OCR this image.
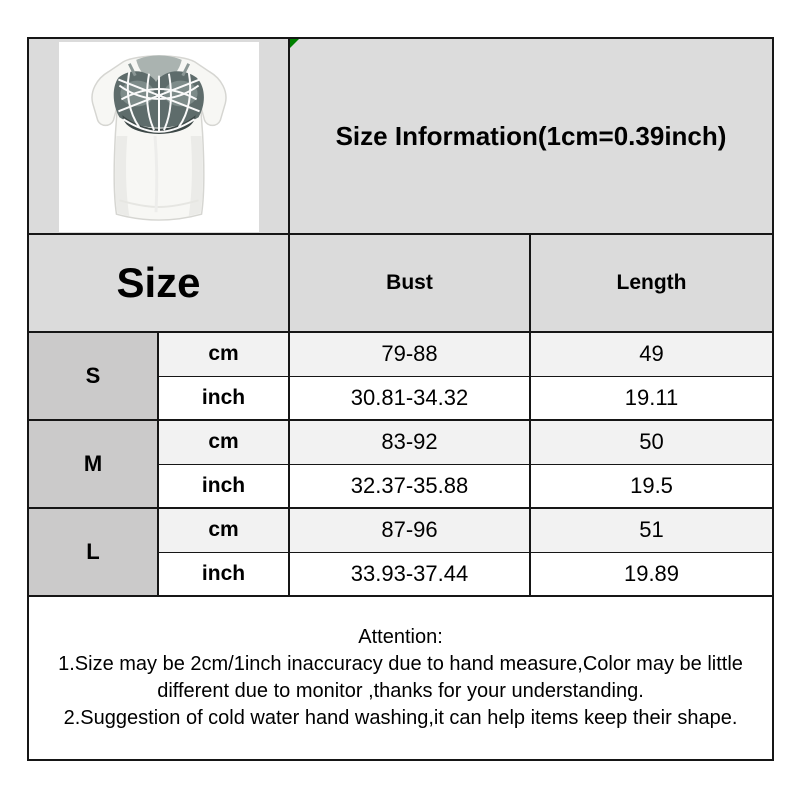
Size Information(1cm=0.39inch)	
Size		Bust	Length
S	cm	79-88	49
	inch	30.81-34.32	19.11
M	cm	83-92	50
	inch	32.37-35.88	19.5
L	cm	87-96	51
	inch	33.93-37.44	19.89

Attention:
1.Size may be 2cm/1inch inaccuracy due to hand measure,Color may be little
different due to monitor ,thanks for your understanding.
2.Suggestion of cold water hand washing,it can help items keep their shape.			
